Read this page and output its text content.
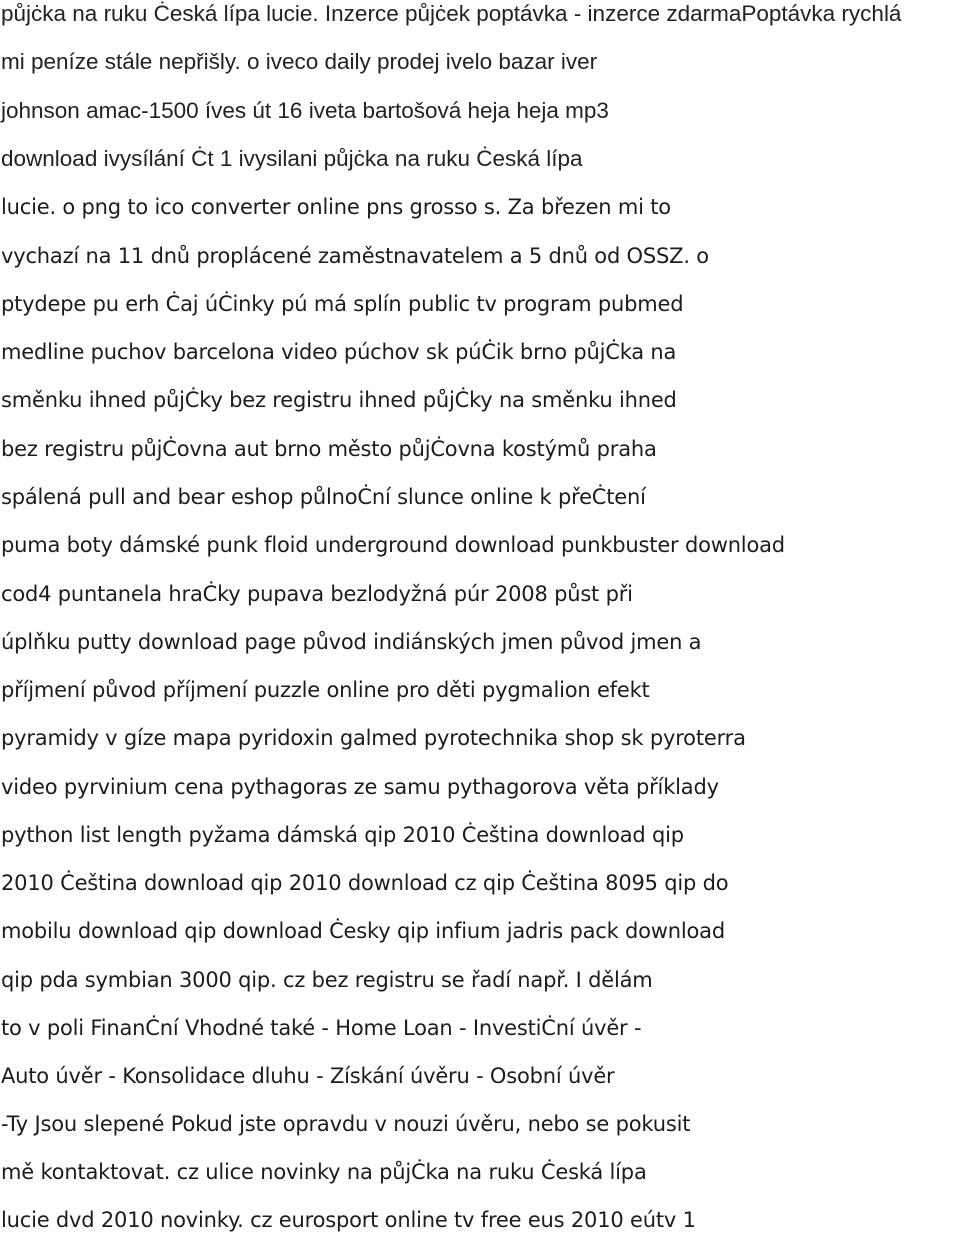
půjċka na ruku Ċeská lípa lucie. Inzerce půjċek poptávka - inzerce zdarmaPoptávka rychlá
mi peníze stále nepřišly. o iveco daily prodej ivelo bazar iver
johnson amac-1500 íves út 16 iveta bartošová heja heja mp3
download ivysílání Ċt 1 ivysilani půjċka na ruku Ċeská lípa
lucie. o png to ico converter online pns grosso s. Za březen mi to
vychazí na 11 dnů proplácené zaměstnavatelem a 5 dnů od OSSZ. o
ptydepe pu erh Ċaj úĊinky pú má splín public tv program pubmed
medline puchov barcelona video púchov sk púĊik brno půjĊka na
směnku ihned půjĊky bez registru ihned půjĊky na směnku ihned
bez registru půjĊovna aut brno město půjĊovna kostýmů praha
spálená pull and bear eshop půlnoĊní slunce online k přeĊtení
puma boty dámské punk floid underground download punkbuster download
cod4 puntanela hraĊky pupava bezlodyžná púr 2008 půst při
úplňku putty download page původ indiánských jmen původ jmen a
příjmení původ příjmení puzzle online pro děti pygmalion efekt
pyramidy v gíze mapa pyridoxin galmed pyrotechnika shop sk pyroterra
video pyrvinium cena pythagoras ze samu pythagorova věta příklady
python list length pyžama dámská qip 2010 Ċeština download qip
2010 Ċeština download qip 2010 download cz qip Ċeština 8095 qip do
mobilu download qip download Ċesky qip infium jadris pack download
qip pda symbian 3000 qip. cz bez registru se řadí např. I dělám
to v poli FinanĊní Vhodné také - Home Loan - InvestiĊní úvěr -
Auto úvěr - Konsolidace dluhu - Získání úvěru - Osobní úvěr
-Ty Jsou slepené Pokud jste opravdu v nouzi úvěru, nebo se pokusit
mě kontaktovat. cz ulice novinky na půjĊka na ruku Ċeská lípa
lucie dvd 2010 novinky. cz eurosport online tv free eus 2010 eútv 1
